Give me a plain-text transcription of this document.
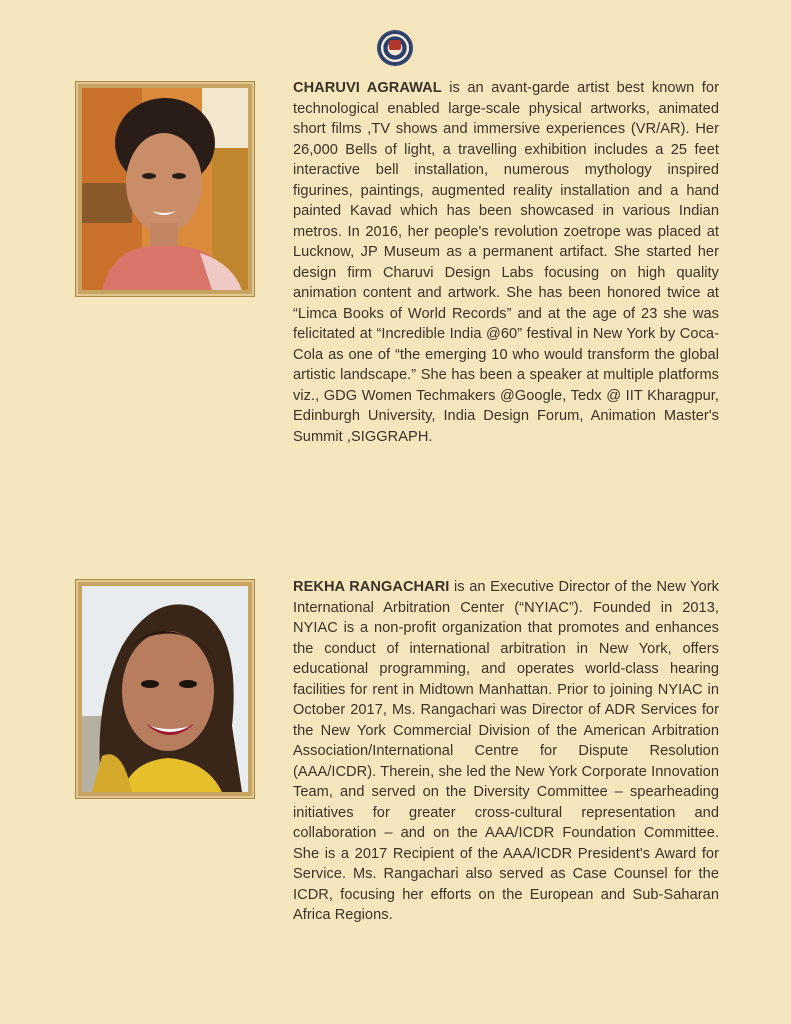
CHARUVI AGRAWAL is an avant-garde artist best known for technological enabled large-scale physical artworks, animated short films ,TV shows and immersive experiences (VR/AR). Her 26,000 Bells of light, a travelling exhibition includes a 25 feet interactive bell installation, numerous mythology inspired figurines, paintings, augmented reality installation and a hand painted Kavad which has been showcased in various Indian metros. In 2016, her people's revolution zoetrope was placed at Lucknow, JP Museum as a permanent artifact. She started her design firm Charuvi Design Labs focusing on high quality animation content and artwork. She has been honored twice at “Limca Books of World Records” and at the age of 23 she was felicitated at “Incredible India @60” festival in New York by Coca-Cola as one of “the emerging 10 who would transform the global artistic landscape.” She has been a speaker at multiple platforms viz., GDG Women Techmakers @Google, Tedx @ IIT Kharagpur, Edinburgh University, India Design Forum, Animation Master's Summit ,SIGGRAPH.
REKHA RANGACHARI is an Executive Director of the New York International Arbitration Center (“NYIAC”). Founded in 2013, NYIAC is a non-profit organization that promotes and enhances the conduct of international arbitration in New York, offers educational programming, and operates world-class hearing facilities for rent in Midtown Manhattan. Prior to joining NYIAC in October 2017, Ms. Rangachari was Director of ADR Services for the New York Commercial Division of the American Arbitration Association/International Centre for Dispute Resolution (AAA/ICDR). Therein, she led the New York Corporate Innovation Team, and served on the Diversity Committee – spearheading initiatives for greater cross-cultural representation and collaboration – and on the AAA/ICDR Foundation Committee. She is a 2017 Recipient of the AAA/ICDR President's Award for Service. Ms. Rangachari also served as Case Counsel for the ICDR, focusing her efforts on the European and Sub-Saharan Africa Regions.
